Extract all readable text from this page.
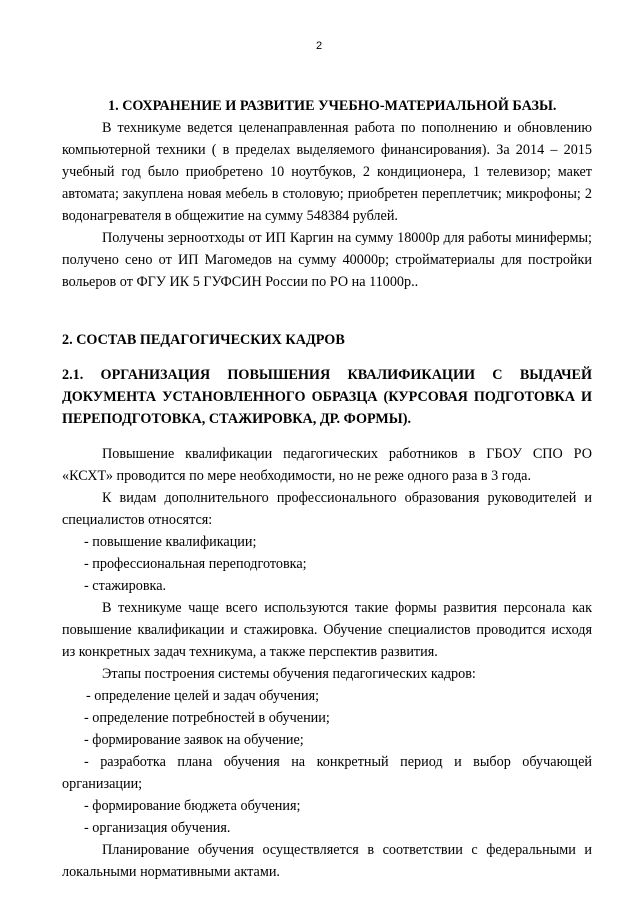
2

1. СОХРАНЕНИЕ И РАЗВИТИЕ УЧЕБНО-МАТЕРИАЛЬНОЙ БАЗЫ.

В техникуме ведется целенаправленная работа по пополнению и обновлению компьютерной техники ( в пределах выделяемого финансирования). За 2014 – 2015 учебный год было приобретено 10 ноутбуков, 2 кондиционера, 1 телевизор; макет автомата; закуплена новая мебель в столовую; приобретен переплетчик; микрофоны; 2 водонагревателя в общежитие на сумму 548384 рублей.

Получены зерноотходы от ИП Каргин на сумму 18000р для работы минифермы; получено сено от ИП Магомедов на сумму 40000р; стройматериалы для постройки вольеров от ФГУ ИК 5 ГУФСИН России по РО на 11000р..

2. СОСТАВ ПЕДАГОГИЧЕСКИХ КАДРОВ

2.1. ОРГАНИЗАЦИЯ ПОВЫШЕНИЯ КВАЛИФИКАЦИИ С ВЫДАЧЕЙ ДОКУМЕНТА УСТАНОВЛЕННОГО ОБРАЗЦА (КУРСОВАЯ ПОДГОТОВКА И ПЕРЕПОДГОТОВКА, СТАЖИРОВКА, ДР. ФОРМЫ).

Повышение квалификации педагогических работников в ГБОУ СПО РО «КСХТ» проводится по мере необходимости, но не реже одного раза в 3 года.

К видам дополнительного профессионального образования руководителей и специалистов относятся:

- повышение квалификации;

- профессиональная переподготовка;

- стажировка.

В техникуме чаще всего используются такие формы развития персонала как повышение квалификации и стажировка. Обучение специалистов проводится исходя из конкретных задач техникума, а также перспектив развития.

Этапы построения системы обучения педагогических кадров:

- определение целей и задач обучения;

- определение потребностей в обучении;

- формирование заявок на обучение;

- разработка плана обучения на конкретный период и выбор обучающей организации;

- формирование бюджета обучения;

- организация обучения.

Планирование обучения осуществляется в соответствии с федеральными и локальными нормативными актами.
